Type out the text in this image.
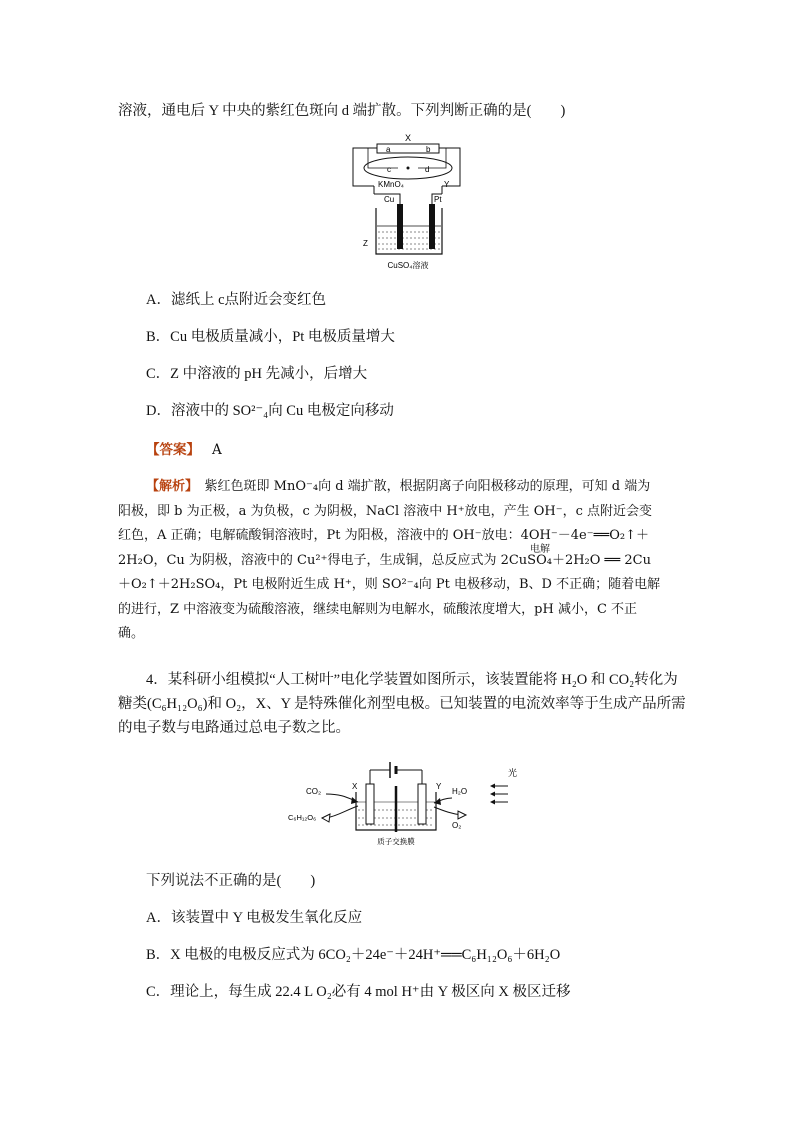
溶液，通电后 Y 中央的紫红色斑向 d 端扩散。下列判断正确的是(　　)
X
a	b
c	d
KMnO₄	Y
Cu	Pt
Z
CuSO₄溶液
A．滤纸上 c点附近会变红色
B．Cu 电极质量减小，Pt 电极质量增大
C．Z 中溶液的 pH 先减小，后增大
D．溶液中的 SO²⁻₄向 Cu 电极定向移动
【答案】 A
【解析】　 紫红色斑即 MnO⁻₄向 d 端扩散，根据阴离子向阳极移动的原理，可知 d 端为
阳极，即 b 为正极，a 为负极，c 为阴极，NaCl 溶液中 H⁺放电，产生 OH⁻，c 点附近会变
红色，A 正确；电解硫酸铜溶液时，Pt 为阳极，溶液中的 OH⁻放电：4OH⁻－4e⁻══O₂↑＋
2H₂O，Cu 为阴极，溶液中的 Cu²⁺得电子，生成铜，总反应式为 2CuSO₄＋2H₂O ══ 2Cu
＋O₂↑＋2H₂SO₄，Pt 电极附近生成 H⁺，则 SO²⁻₄向 Pt 电极移动，B、D 不正确；随着电解
的进行，Z 中溶液变为硫酸溶液，继续电解则为电解水，硫酸浓度增大，pH 减小，C 不正
确。
电解
4．某科研小组模拟“人工树叶”电化学装置如图所示，该装置能将 H₂O 和 CO₂转化为
糖类(C₆H₁₂O₆)和 O₂，X、Y 是特殊催化剂型电极。已知装置的电流效率等于生成产品所需
的电子数与电路通过总电子数之比。
X	Y
CO₂
C₆H₁₂O₆
H₂O
O₂
光
质子交换膜
下列说法不正确的是(　　)
A．该装置中 Y 电极发生氧化反应
B．X 电极的电极反应式为 6CO₂＋24e⁻＋24H⁺══C₆H₁₂O₆＋6H₂O
C．理论上，每生成 22.4 L O₂必有 4 mol H⁺由 Y 极区向 X 极区迁移
